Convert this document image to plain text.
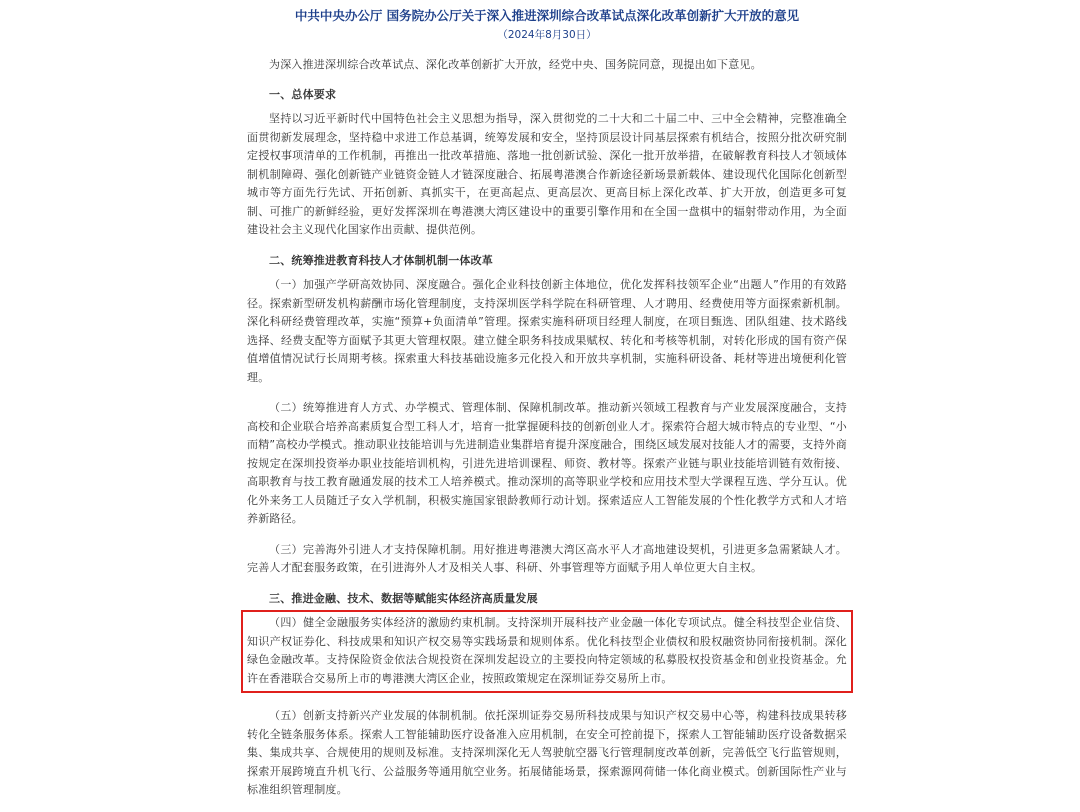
中共中央办公厅 国务院办公厅关于深入推进深圳综合改革试点深化改革创新扩大开放的意见
（2024年8月30日）

为深入推进深圳综合改革试点、深化改革创新扩大开放，经党中央、国务院同意，现提出如下意见。

一、总体要求

坚持以习近平新时代中国特色社会主义思想为指导，深入贯彻党的二十大和二十届二中、三中全会精神，完整准确全面贯彻新发展理念，坚持稳中求进工作总基调，统筹发展和安全，坚持顶层设计同基层探索有机结合，按照分批次研究制定授权事项清单的工作机制，再推出一批改革措施、落地一批创新试验、深化一批开放举措，在破解教育科技人才领域体制机制障碍、强化创新链产业链资金链人才链深度融合、拓展粤港澳合作新途径新场景新载体、建设现代化国际化创新型城市等方面先行先试、开拓创新、真抓实干，在更高起点、更高层次、更高目标上深化改革、扩大开放，创造更多可复制、可推广的新鲜经验，更好发挥深圳在粤港澳大湾区建设中的重要引擎作用和在全国一盘棋中的辐射带动作用，为全面建设社会主义现代化国家作出贡献、提供范例。

二、统筹推进教育科技人才体制机制一体改革

（一）加强产学研高效协同、深度融合。强化企业科技创新主体地位，优化发挥科技领军企业“出题人”作用的有效路径。探索新型研发机构薪酬市场化管理制度，支持深圳医学科学院在科研管理、人才聘用、经费使用等方面探索新机制。深化科研经费管理改革，实施“预算+负面清单”管理。探索实施科研项目经理人制度，在项目甄选、团队组建、技术路线选择、经费支配等方面赋予其更大管理权限。建立健全职务科技成果赋权、转化和考核等机制，对转化形成的国有资产保值增值情况试行长周期考核。探索重大科技基础设施多元化投入和开放共享机制，实施科研设备、耗材等进出境便利化管理。

（二）统筹推进育人方式、办学模式、管理体制、保障机制改革。推动新兴领域工程教育与产业发展深度融合，支持高校和企业联合培养高素质复合型工科人才，培育一批掌握硬科技的创新创业人才。探索符合超大城市特点的专业型、“小而精”高校办学模式。推动职业技能培训与先进制造业集群培育提升深度融合，围绕区域发展对技能人才的需要，支持外商按规定在深圳投资举办职业技能培训机构，引进先进培训课程、师资、教材等。探索产业链与职业技能培训链有效衔接、高职教育与技工教育融通发展的技术工人培养模式。推动深圳的高等职业学校和应用技术型大学课程互选、学分互认。优化外来务工人员随迁子女入学机制，积极实施国家银龄教师行动计划。探索适应人工智能发展的个性化教学方式和人才培养新路径。

（三）完善海外引进人才支持保障机制。用好推进粤港澳大湾区高水平人才高地建设契机，引进更多急需紧缺人才。完善人才配套服务政策，在引进海外人才及相关人事、科研、外事管理等方面赋予用人单位更大自主权。

三、推进金融、技术、数据等赋能实体经济高质量发展

（四）健全金融服务实体经济的激励约束机制。支持深圳开展科技产业金融一体化专项试点。健全科技型企业信贷、知识产权证券化、科技成果和知识产权交易等实践场景和规则体系。优化科技型企业债权和股权融资协同衔接机制。深化绿色金融改革。支持保险资金依法合规投资在深圳发起设立的主要投向特定领域的私募股权投资基金和创业投资基金。允许在香港联合交易所上市的粤港澳大湾区企业，按照政策规定在深圳证券交易所上市。

（五）创新支持新兴产业发展的体制机制。依托深圳证券交易所科技成果与知识产权交易中心等，构建科技成果转移转化全链条服务体系。探索人工智能辅助医疗设备准入应用机制，在安全可控前提下，探索人工智能辅助医疗设备数据采集、集成共享、合规使用的规则及标准。支持深圳深化无人驾驶航空器飞行管理制度改革创新，完善低空飞行监管规则，探索开展跨境直升机飞行、公益服务等通用航空业务。拓展储能场景，探索源网荷储一体化商业模式。创新国际性产业与标准组织管理制度。
